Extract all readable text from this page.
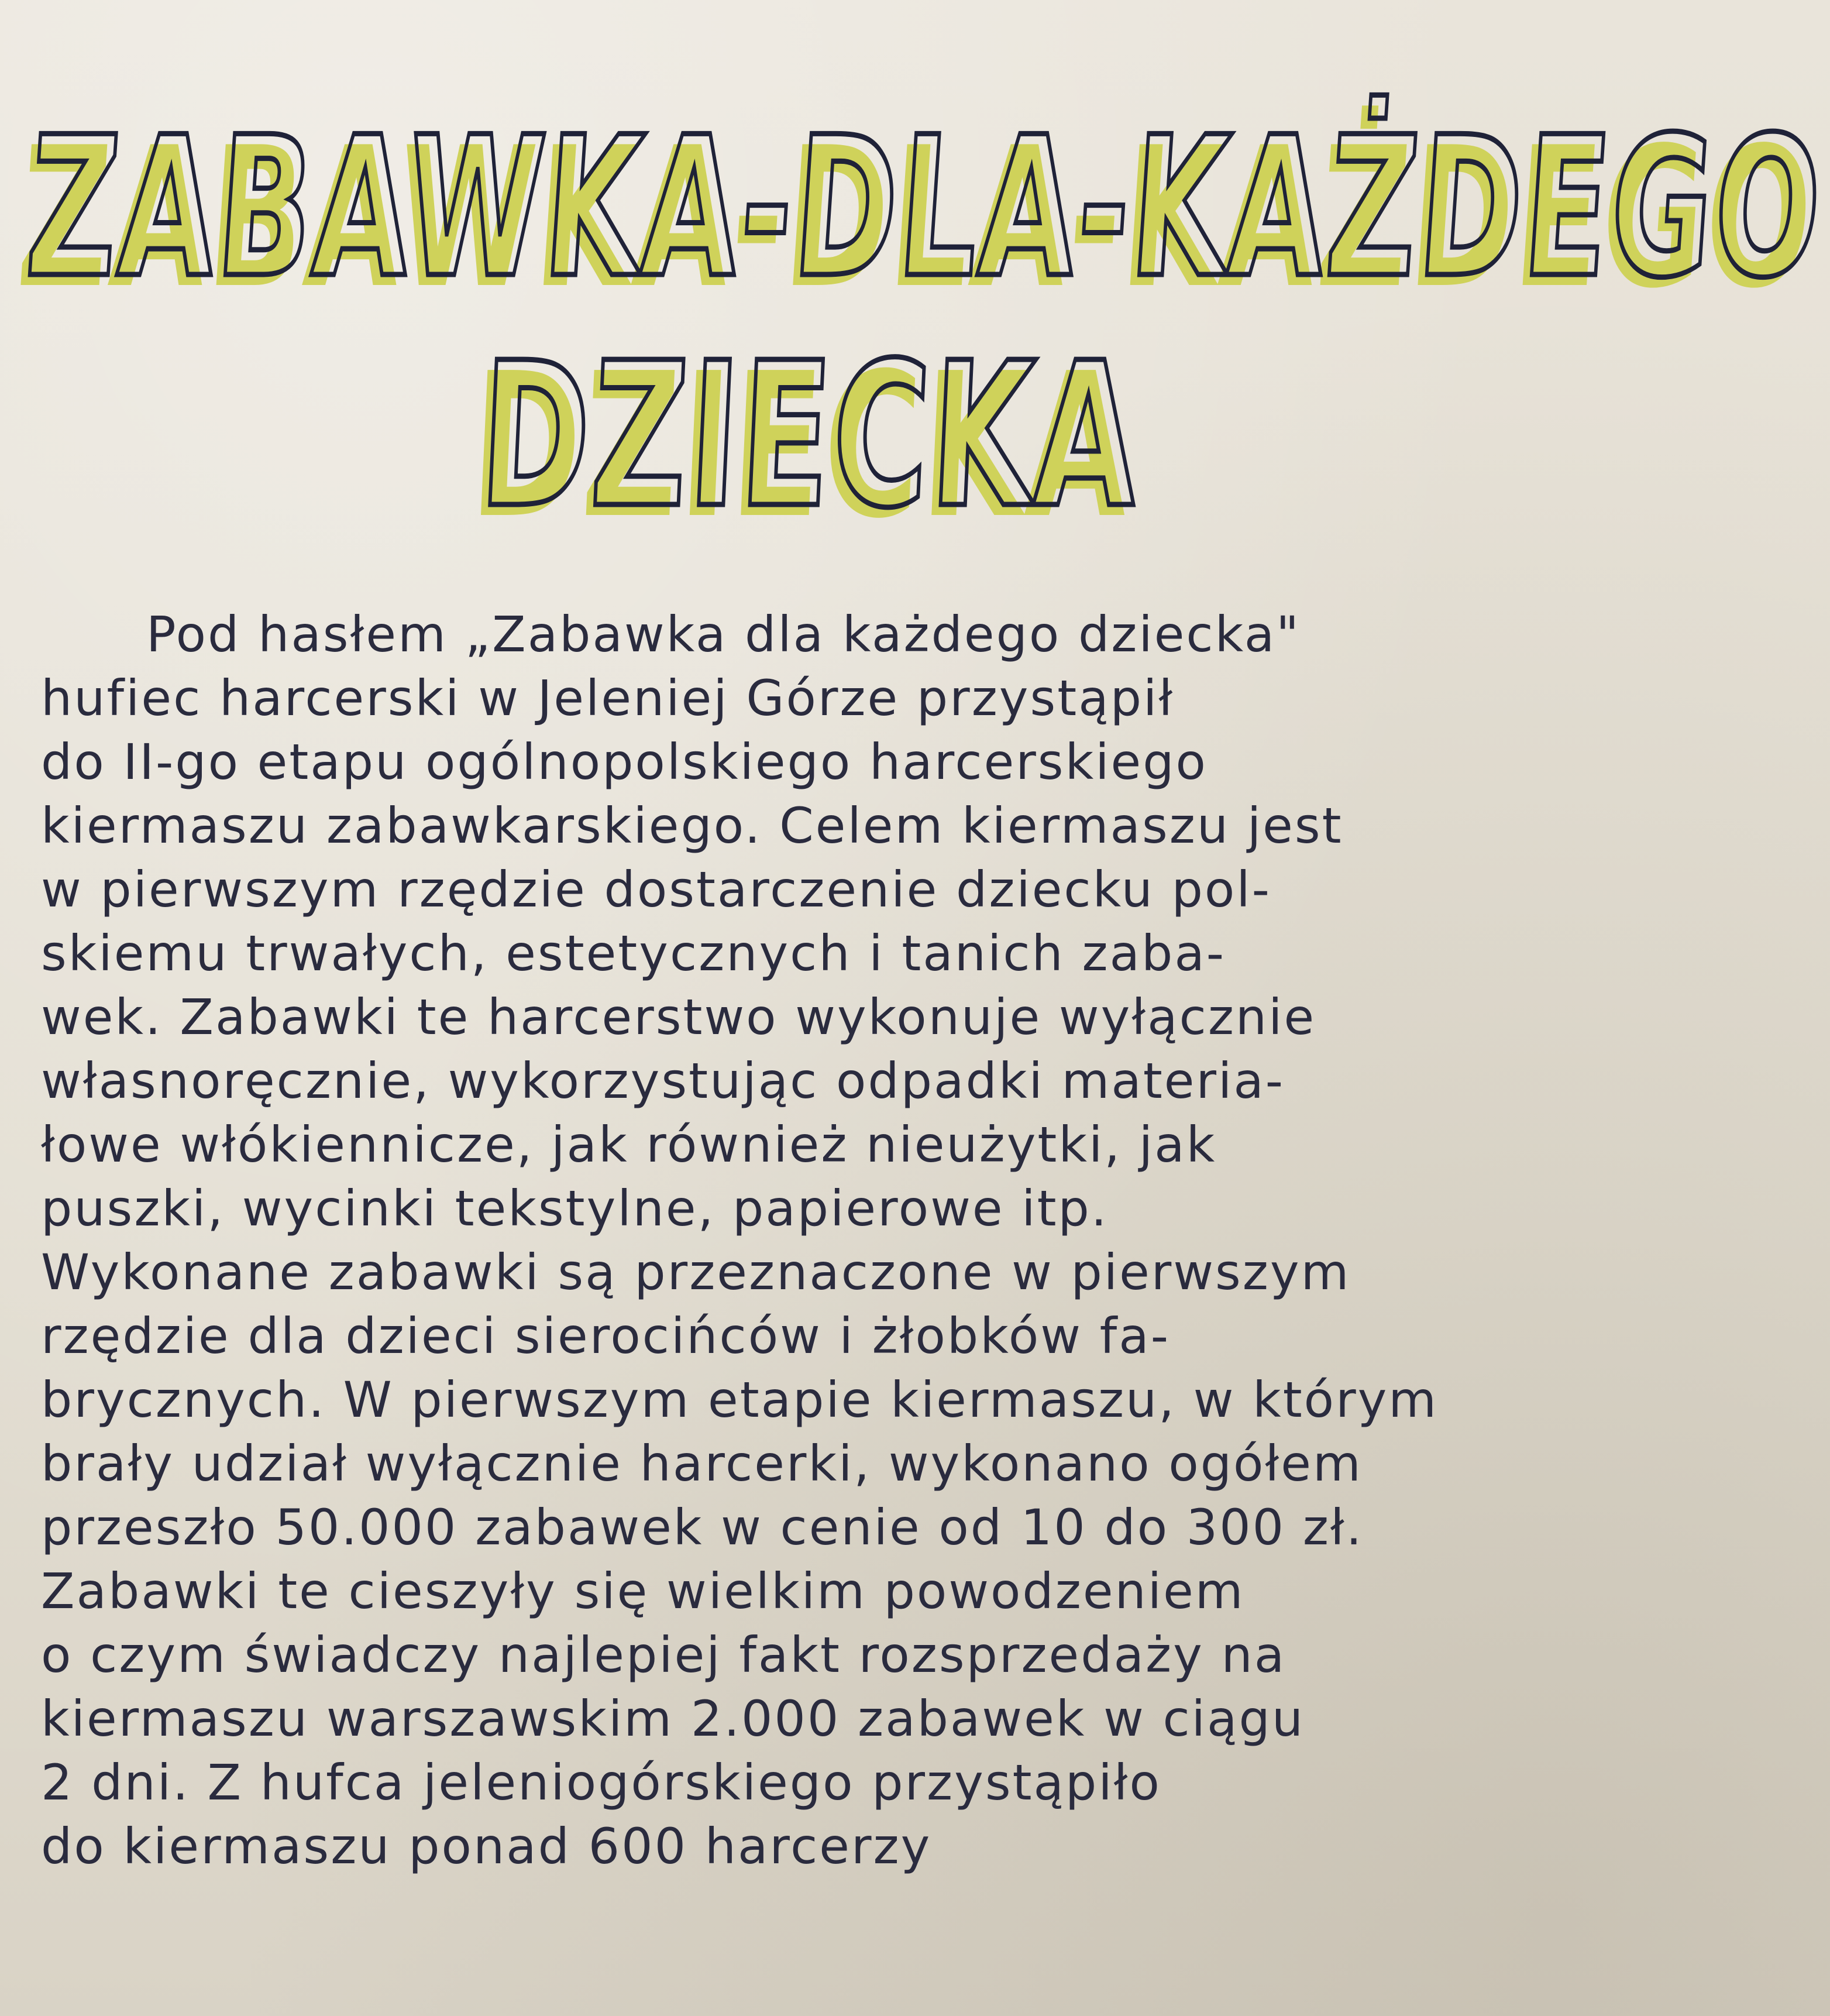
ZABAWKA-DLA-KAŻDEGO
DZIECKA
Pod hasłem „Zabawka dla każdego dziecka"
hufiec harcerski w Jeleniej Górze przystąpił
do II-go etapu ogólnopolskiego harcerskiego
kiermaszu zabawkarskiego. Celem kiermaszu jest
w pierwszym rzędzie dostarczenie dziecku pol-
skiemu trwałych, estetycznych i tanich zaba-
wek. Zabawki te harcerstwo wykonuje wyłącznie
własnoręcznie, wykorzystując odpadki materia-
łowe włókiennicze, jak również nieużytki, jak
puszki, wycinki tekstylne, papierowe itp.
Wykonane zabawki są przeznaczone w pierwszym
rzędzie dla dzieci sierocińców i żłobków fa-
brycznych. W pierwszym etapie kiermaszu, w którym
brały udział wyłącznie harcerki, wykonano ogółem
przeszło 50.000 zabawek w cenie od 10 do 300 zł.
Zabawki te cieszyły się wielkim powodzeniem
o czym świadczy najlepiej fakt rozsprzedaży na
kiermaszu warszawskim 2.000 zabawek w ciągu
2 dni. Z hufca jeleniogórskiego przystąpiło
do kiermaszu ponad 600 harcerzy
